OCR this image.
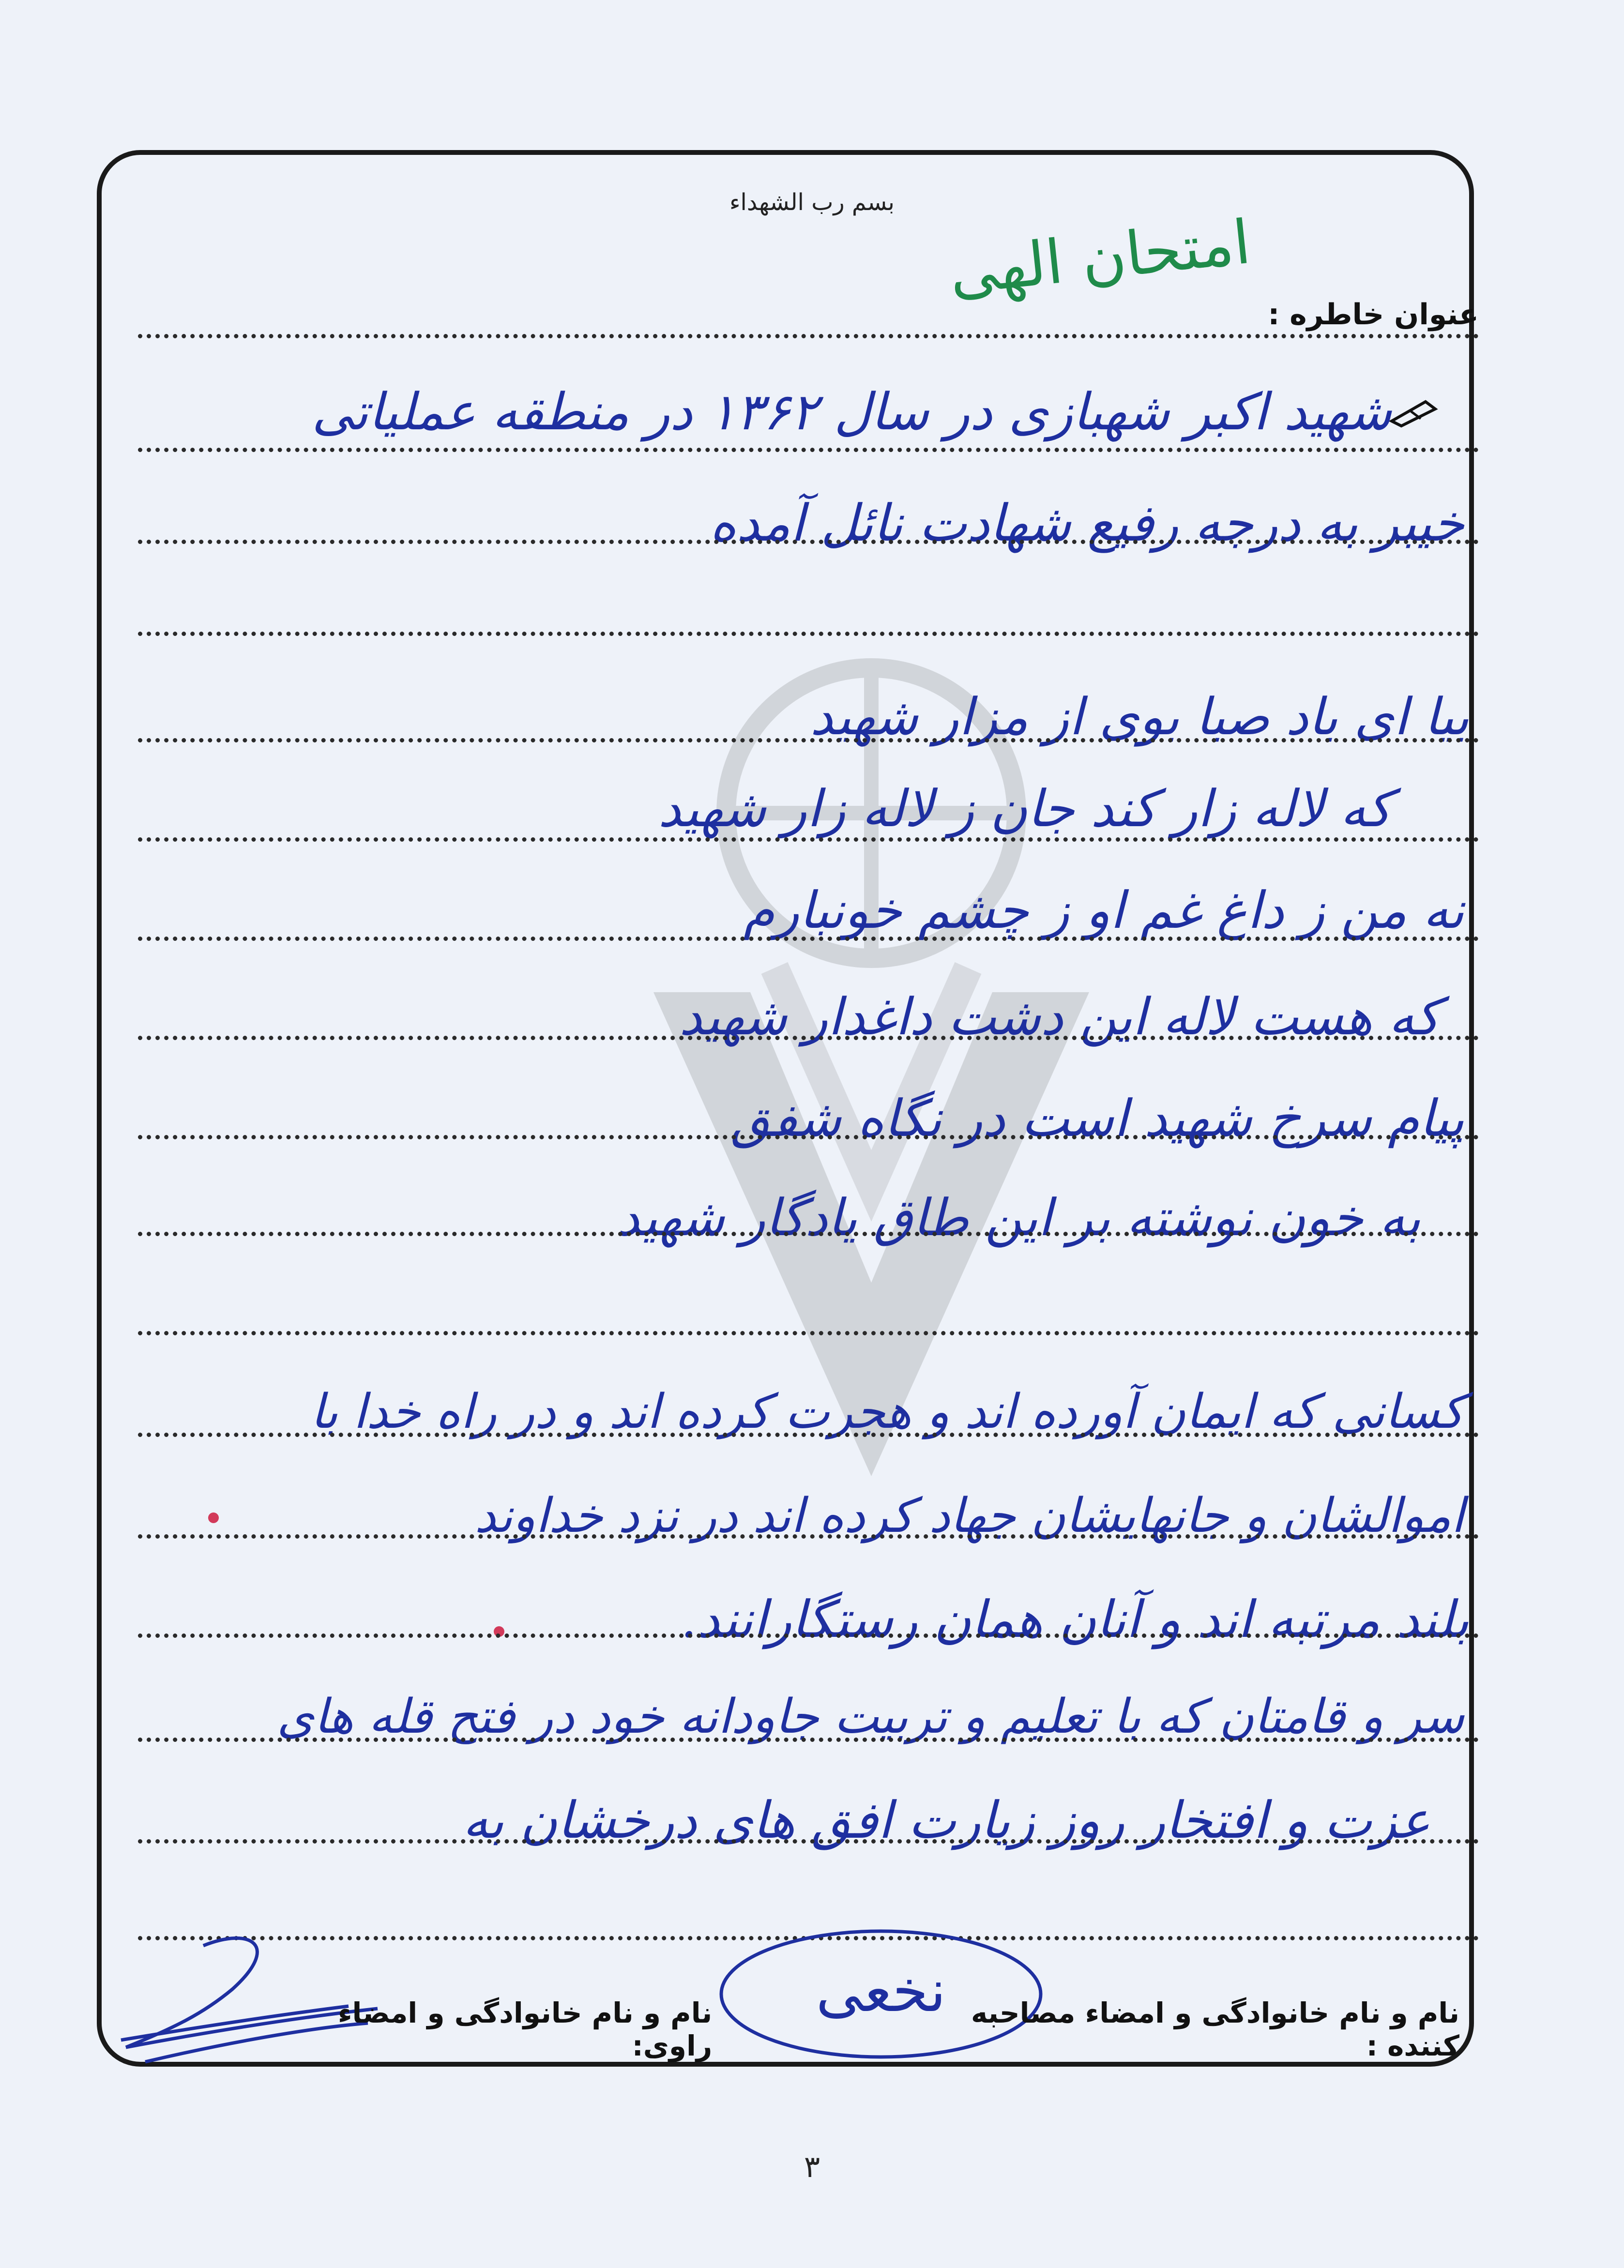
بسم رب الشهداء
عنوان خاطره :
امتحان الهی
شهید اکبر شهبازی در سال ۱۳۶۲ در منطقه عملیاتی
خیبر به درجه رفیع شهادت نائل آمده
بیا ای باد صبا بوی از مزار شهید
که لاله زار کند جان ز لاله زار شهید
نه من ز داغ غم او ز چشم خونبارم
که هست لاله این دشت داغدار شهید
پیام سرخ شهید است در نگاه شفق
به خون نوشته بر این طاق یادگار شهید
کسانی که ایمان آورده اند و هجرت کرده اند و در راه خدا با
اموالشان و جانهایشان جهاد کرده اند در نزد خداوند
بلند مرتبه اند و آنان همان رستگارانند.
سر و قامتان که با تعلیم و تربیت جاودانه خود در فتح قله های
عزت و افتخار روز زیارت افق های درخشان به
نخعی نام و نام خانوادگی و امضاء مصاحبه کننده :
نام و نام خانوادگی و امضاء راوی:
۳
